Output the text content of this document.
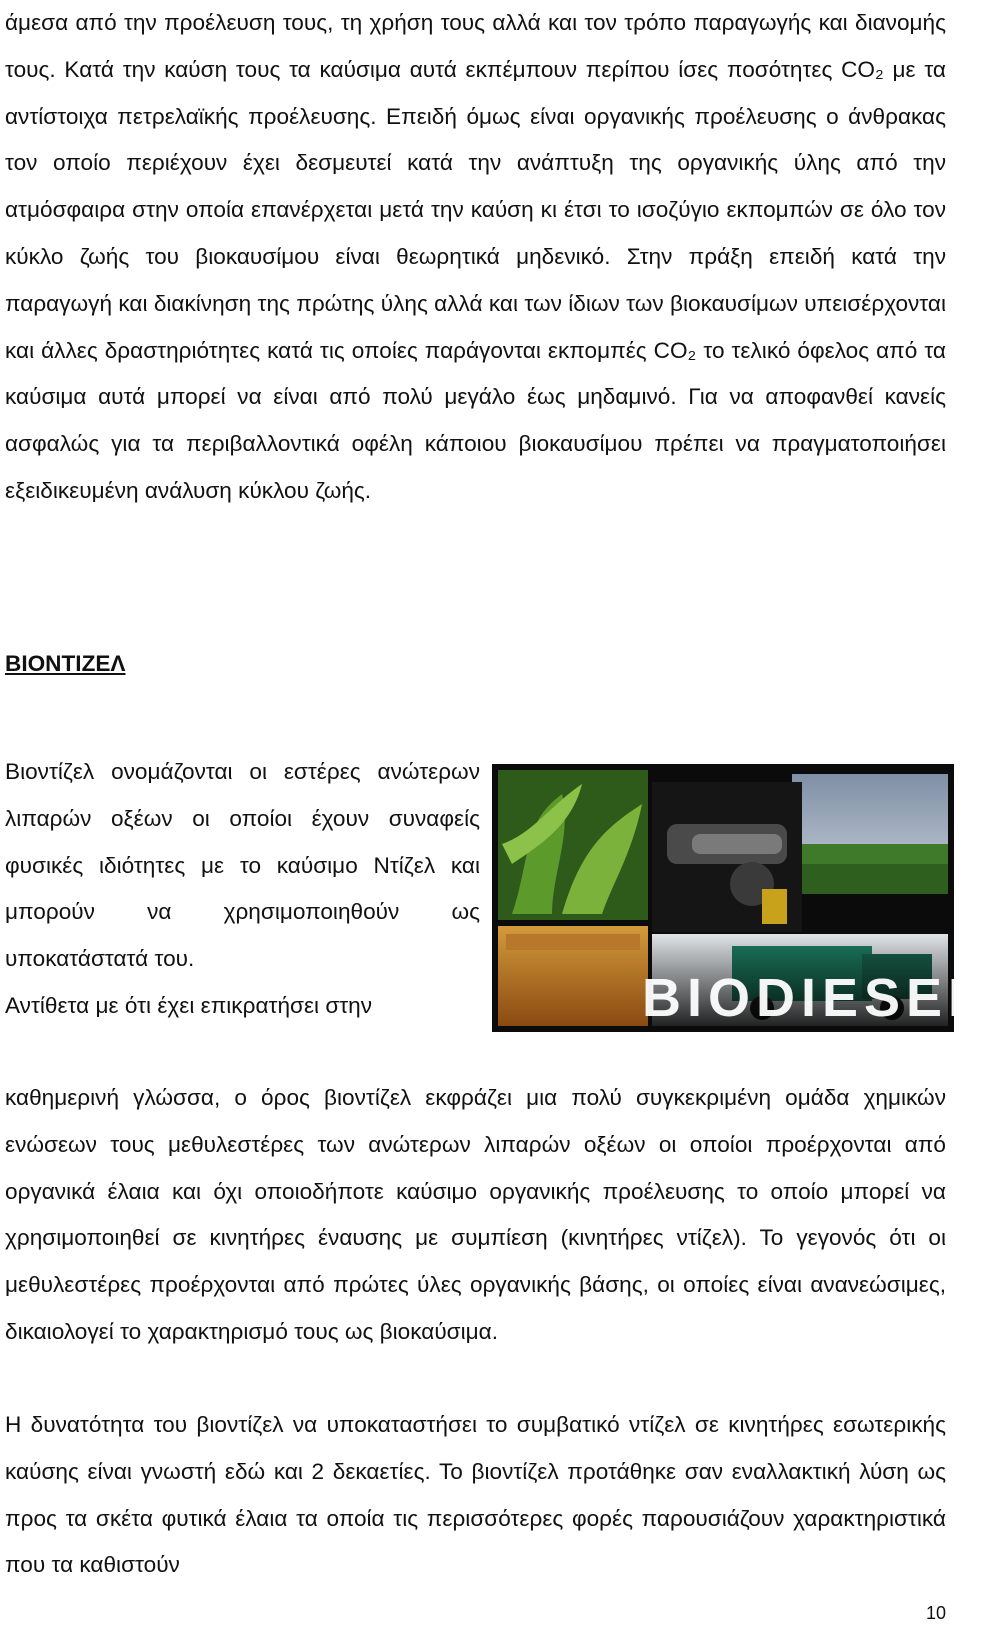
άμεσα από την προέλευση τους, τη χρήση τους αλλά και τον τρόπο παραγωγής και διανομής τους. Κατά την καύση τους τα καύσιμα αυτά εκπέμπουν περίπου ίσες ποσότητες CO₂ με τα αντίστοιχα πετρελαϊκής προέλευσης. Επειδή όμως είναι οργανικής προέλευσης ο άνθρακας τον οποίο περιέχουν έχει δεσμευτεί κατά την ανάπτυξη της οργανικής ύλης από την ατμόσφαιρα στην οποία επανέρχεται μετά την καύση κι έτσι το ισοζύγιο εκπομπών σε όλο τον κύκλο ζωής του βιοκαυσίμου είναι θεωρητικά μηδενικό. Στην πράξη επειδή κατά την παραγωγή και διακίνηση της πρώτης ύλης αλλά και των ίδιων των βιοκαυσίμων υπεισέρχονται και άλλες δραστηριότητες κατά τις οποίες παράγονται εκπομπές CO₂ το τελικό όφελος από τα καύσιμα αυτά μπορεί να είναι από πολύ μεγάλο έως μηδαμινό. Για να αποφανθεί κανείς ασφαλώς για τα περιβαλλοντικά οφέλη κάποιου βιοκαυσίμου πρέπει να πραγματοποιήσει εξειδικευμένη ανάλυση κύκλου ζωής.

ΒΙΟΝΤΙΖΕΛ

Βιοντίζελ ονομάζονται οι εστέρες ανώτερων λιπαρών οξέων οι οποίοι έχουν συναφείς φυσικές ιδιότητες με το καύσιμο Ντίζελ και μπορούν να χρησιμοποιηθούν ως υποκατάστατά του.
Αντίθετα με ότι έχει επικρατήσει στην	BIODIESEL

καθημερινή γλώσσα, ο όρος βιοντίζελ εκφράζει μια πολύ συγκεκριμένη ομάδα χημικών ενώσεων τους μεθυλεστέρες των ανώτερων λιπαρών οξέων οι οποίοι προέρχονται από οργανικά έλαια και όχι οποιοδήποτε καύσιμο οργανικής προέλευσης το οποίο μπορεί να χρησιμοποιηθεί σε κινητήρες έναυσης με συμπίεση (κινητήρες ντίζελ). Το γεγονός ότι οι μεθυλεστέρες προέρχονται από πρώτες ύλες οργανικής βάσης, οι οποίες είναι ανανεώσιμες, δικαιολογεί το χαρακτηρισμό τους ως βιοκαύσιμα.

Η δυνατότητα του βιοντίζελ να υποκαταστήσει το συμβατικό ντίζελ σε κινητήρες εσωτερικής καύσης είναι γνωστή εδώ και 2 δεκαετίες. Το βιοντίζελ προτάθηκε σαν εναλλακτική λύση ως προς τα σκέτα φυτικά έλαια τα οποία τις περισσότερες φορές παρουσιάζουν χαρακτηριστικά που τα καθιστούν

10
